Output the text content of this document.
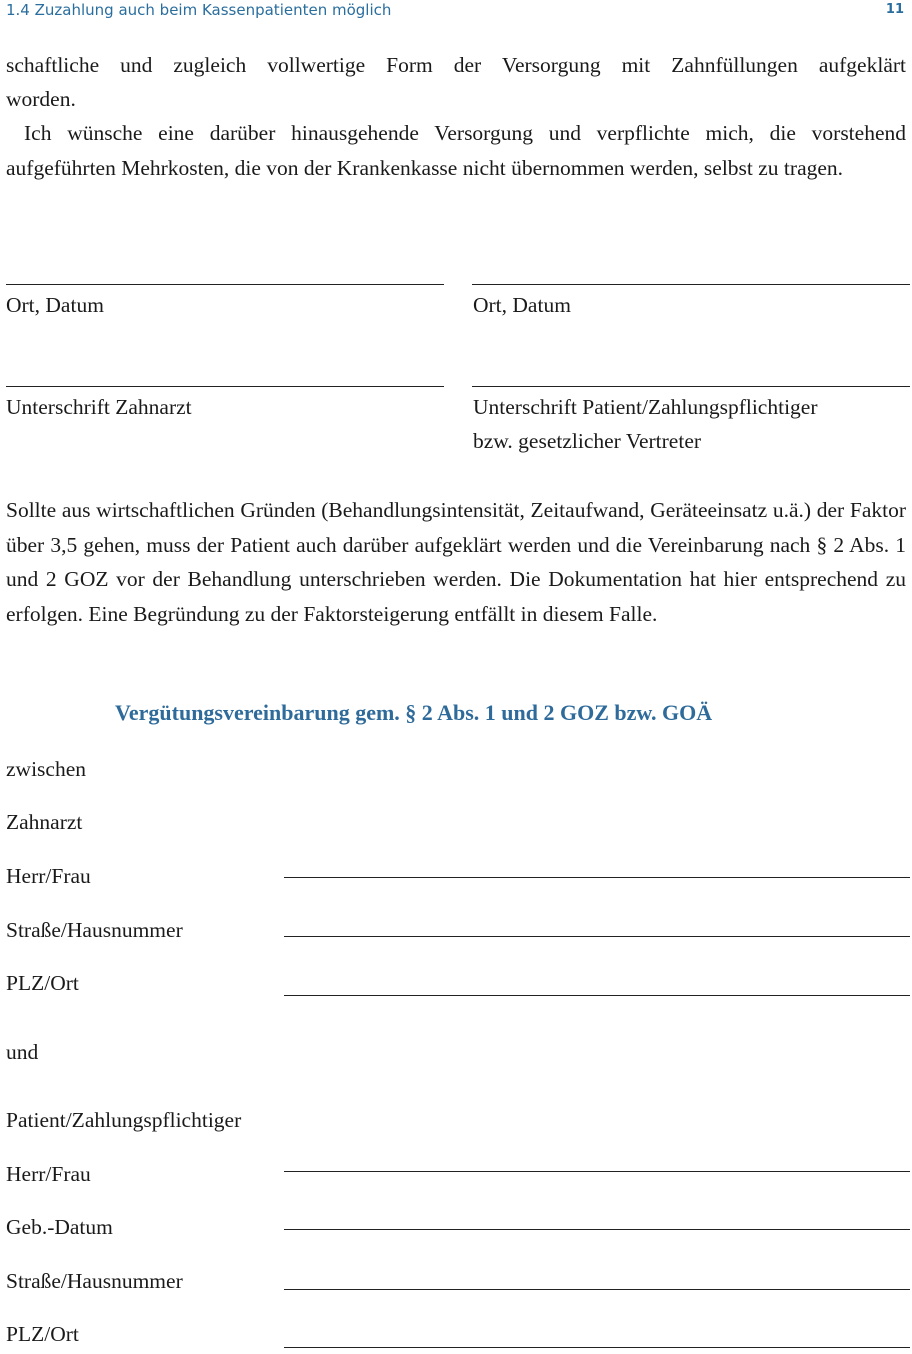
1.4 Zuzahlung auch beim Kassenpatienten möglich	11
schaftliche und zugleich vollwertige Form der Versorgung mit Zahnfüllungen aufgeklärt
worden.
Ich wünsche eine darüber hinausgehende Versorgung und verpflichte mich, die vorstehend aufgeführten Mehrkosten, die von der Krankenkasse nicht übernommen werden, selbst zu tragen.
Ort, Datum	Ort, Datum
Unterschrift Zahnarzt	Unterschrift Patient/Zahlungspflichtiger
bzw. gesetzlicher Vertreter
Sollte aus wirtschaftlichen Gründen (Behandlungsintensität, Zeitaufwand, Geräteeinsatz u.ä.) der Faktor über 3,5 gehen, muss der Patient auch darüber aufgeklärt werden und die Vereinbarung nach § 2 Abs. 1 und 2 GOZ vor der Behandlung unterschrieben werden. Die Dokumentation hat hier entsprechend zu erfolgen. Eine Begründung zu der Faktorsteigerung entfällt in diesem Falle.
Vergütungsvereinbarung gem. § 2 Abs. 1 und 2 GOZ bzw. GOÄ
zwischen
Zahnarzt
Herr/Frau
Straße/Hausnummer
PLZ/Ort
und
Patient/Zahlungspflichtiger
Herr/Frau
Geb.-Datum
Straße/Hausnummer
PLZ/Ort
